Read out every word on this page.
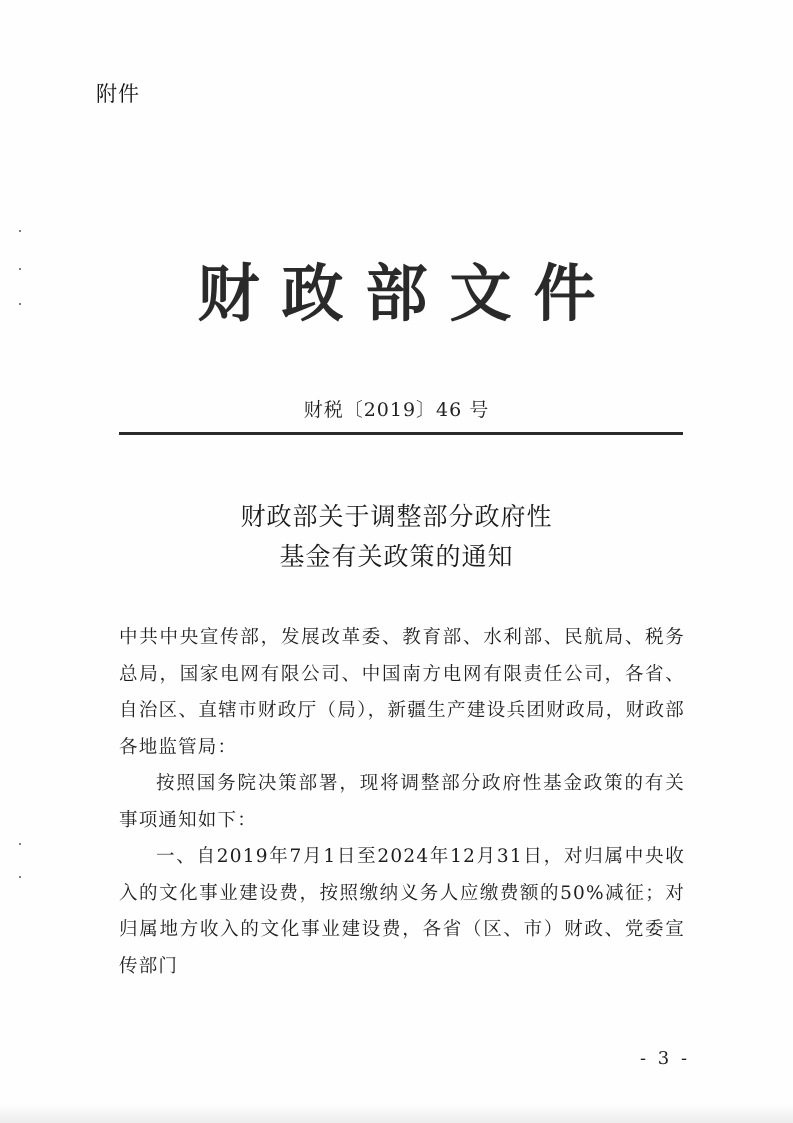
附件
财政部文件
财税〔2019〕46 号
财政部关于调整部分政府性
基金有关政策的通知

中共中央宣传部，发展改革委、教育部、水利部、民航局、税务总局，国家电网有限公司、中国南方电网有限责任公司，各省、自治区、直辖市财政厅（局），新疆生产建设兵团财政局，财政部各地监管局：

按照国务院决策部署，现将调整部分政府性基金政策的有关事项通知如下：

一、自2019年7月1日至2024年12月31日，对归属中央收入的文化事业建设费，按照缴纳义务人应缴费额的50%减征；对归属地方收入的文化事业建设费，各省（区、市）财政、党委宣传部门

- 3 -
